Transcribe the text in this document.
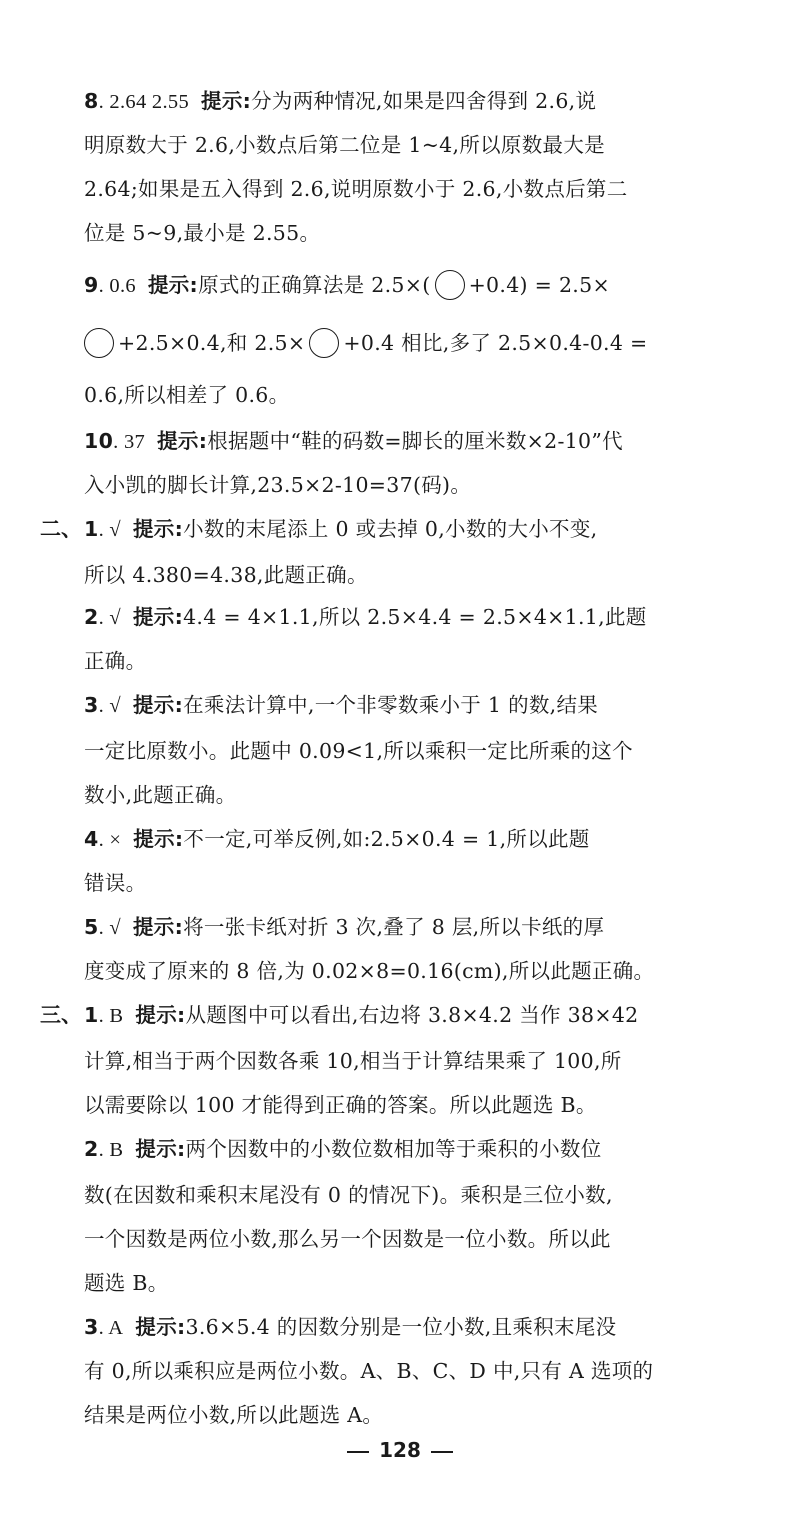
8. 2.64 2.55 提示:分为两种情况,如果是四舍得到 2.6,说
明原数大于 2.6,小数点后第二位是 1~4,所以原数最大是
2.64;如果是五入得到 2.6,说明原数小于 2.6,小数点后第二
位是 5~9,最小是 2.55。
9. 0.6 提示:原式的正确算法是 2.5×( +0.4) = 2.5×
+2.5×0.4,和 2.5× +0.4 相比,多了 2.5×0.4-0.4 =
0.6,所以相差了 0.6。
10. 37 提示:根据题中“鞋的码数=脚长的厘米数×2-10”代
入小凯的脚长计算,23.5×2-10=37(码)。
二、 1. √ 提示:小数的末尾添上 0 或去掉 0,小数的大小不变,
所以 4.380=4.38,此题正确。
2. √ 提示:4.4 = 4×1.1,所以 2.5×4.4 = 2.5×4×1.1,此题
正确。
3. √ 提示:在乘法计算中,一个非零数乘小于 1 的数,结果
一定比原数小。此题中 0.09<1,所以乘积一定比所乘的这个
数小,此题正确。
4. × 提示:不一定,可举反例,如:2.5×0.4 = 1,所以此题
错误。
5. √ 提示:将一张卡纸对折 3 次,叠了 8 层,所以卡纸的厚
度变成了原来的 8 倍,为 0.02×8=0.16(cm),所以此题正确。
三、 1. B 提示:从题图中可以看出,右边将 3.8×4.2 当作 38×42
计算,相当于两个因数各乘 10,相当于计算结果乘了 100,所
以需要除以 100 才能得到正确的答案。所以此题选 B。
2. B 提示:两个因数中的小数位数相加等于乘积的小数位
数(在因数和乘积末尾没有 0 的情况下)。乘积是三位小数,
一个因数是两位小数,那么另一个因数是一位小数。所以此
题选 B。
3. A 提示:3.6×5.4 的因数分别是一位小数,且乘积末尾没
有 0,所以乘积应是两位小数。A、B、C、D 中,只有 A 选项的
结果是两位小数,所以此题选 A。
128
